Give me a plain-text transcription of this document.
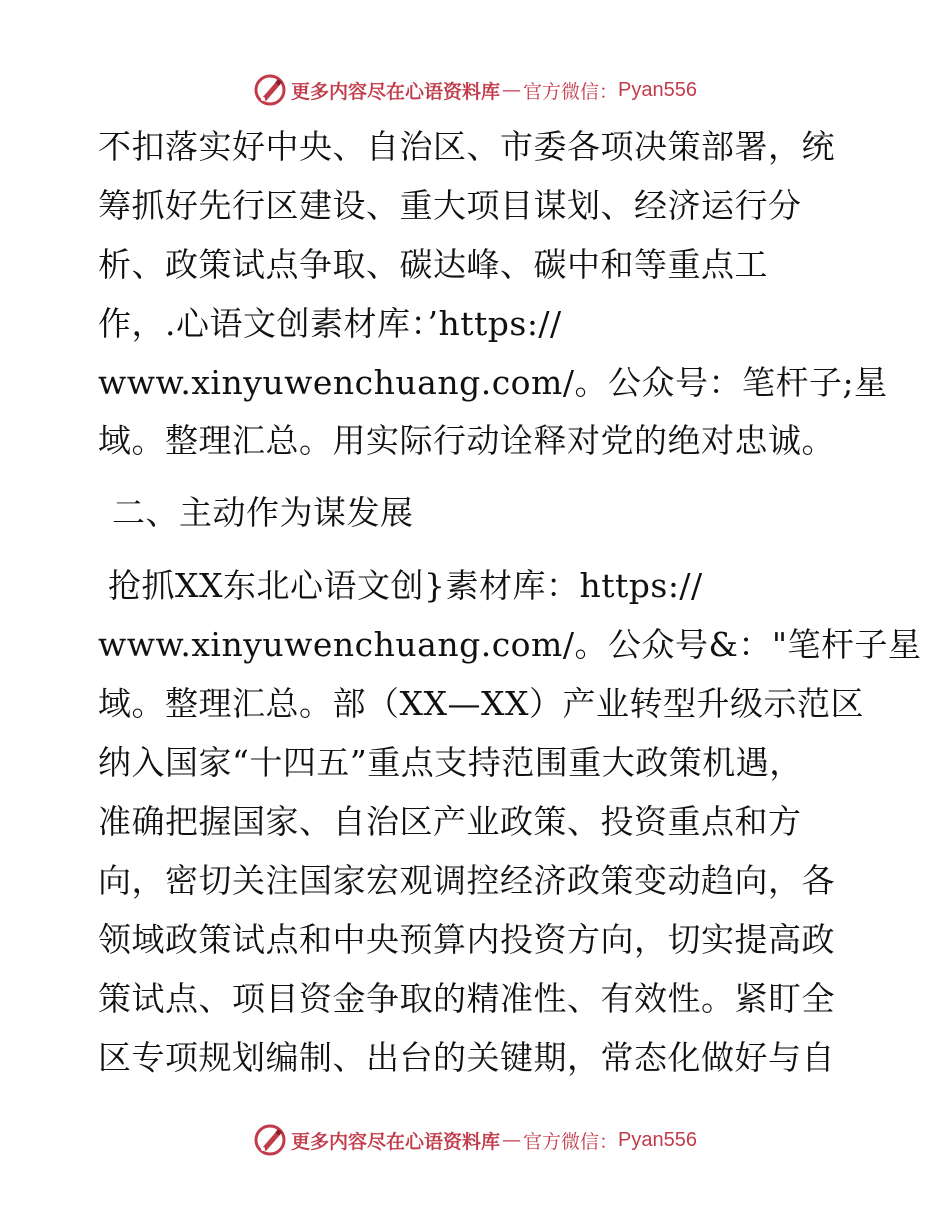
更多内容尽在心语资料库 — 官方微信： Pyan556
不扣落实好中央、自治区、市委各项决策部署，统
筹抓好先行区建设、重大项目谋划、经济运行分
析、政策试点争取、碳达峰、碳中和等重点工
作，.心语文创素材库：’https://
www.xinyuwenchuang.com/。公众号：笔杆子;星
域。整理汇总。用实际行动诠释对党的绝对忠诚。
二、主动作为谋发展
抢抓XX东北心语文创}素材库：https://
www.xinyuwenchuang.com/。公众号&："笔杆子星
域。整理汇总。部（XX—XX）产业转型升级示范区
纳入国家“十四五”重点支持范围重大政策机遇，
准确把握国家、自治区产业政策、投资重点和方
向，密切关注国家宏观调控经济政策变动趋向，各
领域政策试点和中央预算内投资方向，切实提高政
策试点、项目资金争取的精准性、有效性。紧盯全
区专项规划编制、出台的关键期，常态化做好与自
更多内容尽在心语资料库 — 官方微信： Pyan556
